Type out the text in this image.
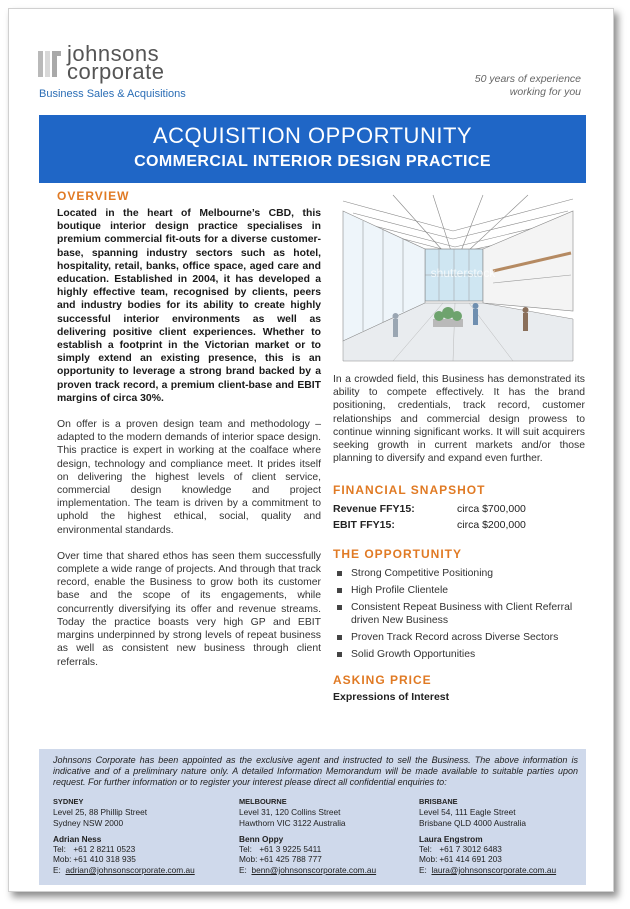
johnsons
corporate
Business Sales & Acquisitions
50 years of experience
working for you
ACQUISITION OPPORTUNITY
COMMERCIAL INTERIOR DESIGN PRACTICE
OVERVIEW

Located in the heart of Melbourne’s CBD, this boutique interior design practice specialises in premium commercial fit-outs for a diverse customer-base, spanning industry sectors such as hotel, hospitality, retail, banks, office space, aged care and education. Established in 2004, it has developed a highly effective team, recognised by clients, peers and industry bodies for its ability to create highly successful interior environments as well as delivering positive client experiences. Whether to establish a footprint in the Victorian market or to simply extend an existing presence, this is an opportunity to leverage a strong brand backed by a proven track record, a premium client-base and EBIT margins of circa 30%.

On offer is a proven design team and methodology – adapted to the modern demands of interior space design. This practice is expert in working at the coalface where design, technology and compliance meet. It prides itself on delivering the highest levels of client service, commercial design knowledge and project implementation. The team is driven by a commitment to uphold the highest ethical, social, quality and environmental standards.

Over time that shared ethos has seen them successfully complete a wide range of projects. And through that track record, enable the Business to grow both its customer base and the scope of its engagements, while concurrently diversifying its offer and revenue streams. Today the practice boasts very high GP and EBIT margins underpinned by strong levels of repeat business as well as consistent new business through client referrals.

shutterstock

In a crowded field, this Business has demonstrated its ability to compete effectively. It has the brand positioning, credentials, track record, customer relationships and commercial design prowess to continue winning significant works. It will suit acquirers seeking growth in current markets and/or those planning to diversify and expand even further.

FINANCIAL SNAPSHOT
Revenue FFY15:	circa $700,000
EBIT FFY15:	circa $200,000
THE OPPORTUNITY
Strong Competitive Positioning
High Profile Clientele
Consistent Repeat Business with Client Referral driven New Business
Proven Track Record across Diverse Sectors
Solid Growth Opportunities
ASKING PRICE
Expressions of Interest

Johnsons Corporate has been appointed as the exclusive agent and instructed to sell the Business. The above information is indicative and of a preliminary nature only. A detailed Information Memorandum will be made available to suitable parties upon request. For further information or to register your interest please direct all confidential enquiries to:

SYDNEY
Level 25, 88 Phillip Street
Sydney NSW 2000
Adrian Ness
Tel: +61 2 8211 0523
Mob: +61 410 318 935
E: adrian@johnsonscorporate.com.au
MELBOURNE
Level 31, 120 Collins Street
Hawthorn VIC 3122 Australia
Benn Oppy
Tel: +61 3 9225 5411
Mob: +61 425 788 777
E: benn@johnsonscorporate.com.au
BRISBANE
Level 54, 111 Eagle Street
Brisbane QLD 4000 Australia
Laura Engstrom
Tel: +61 7 3012 6483
Mob: +61 414 691 203
E: laura@johnsonscorporate.com.au
